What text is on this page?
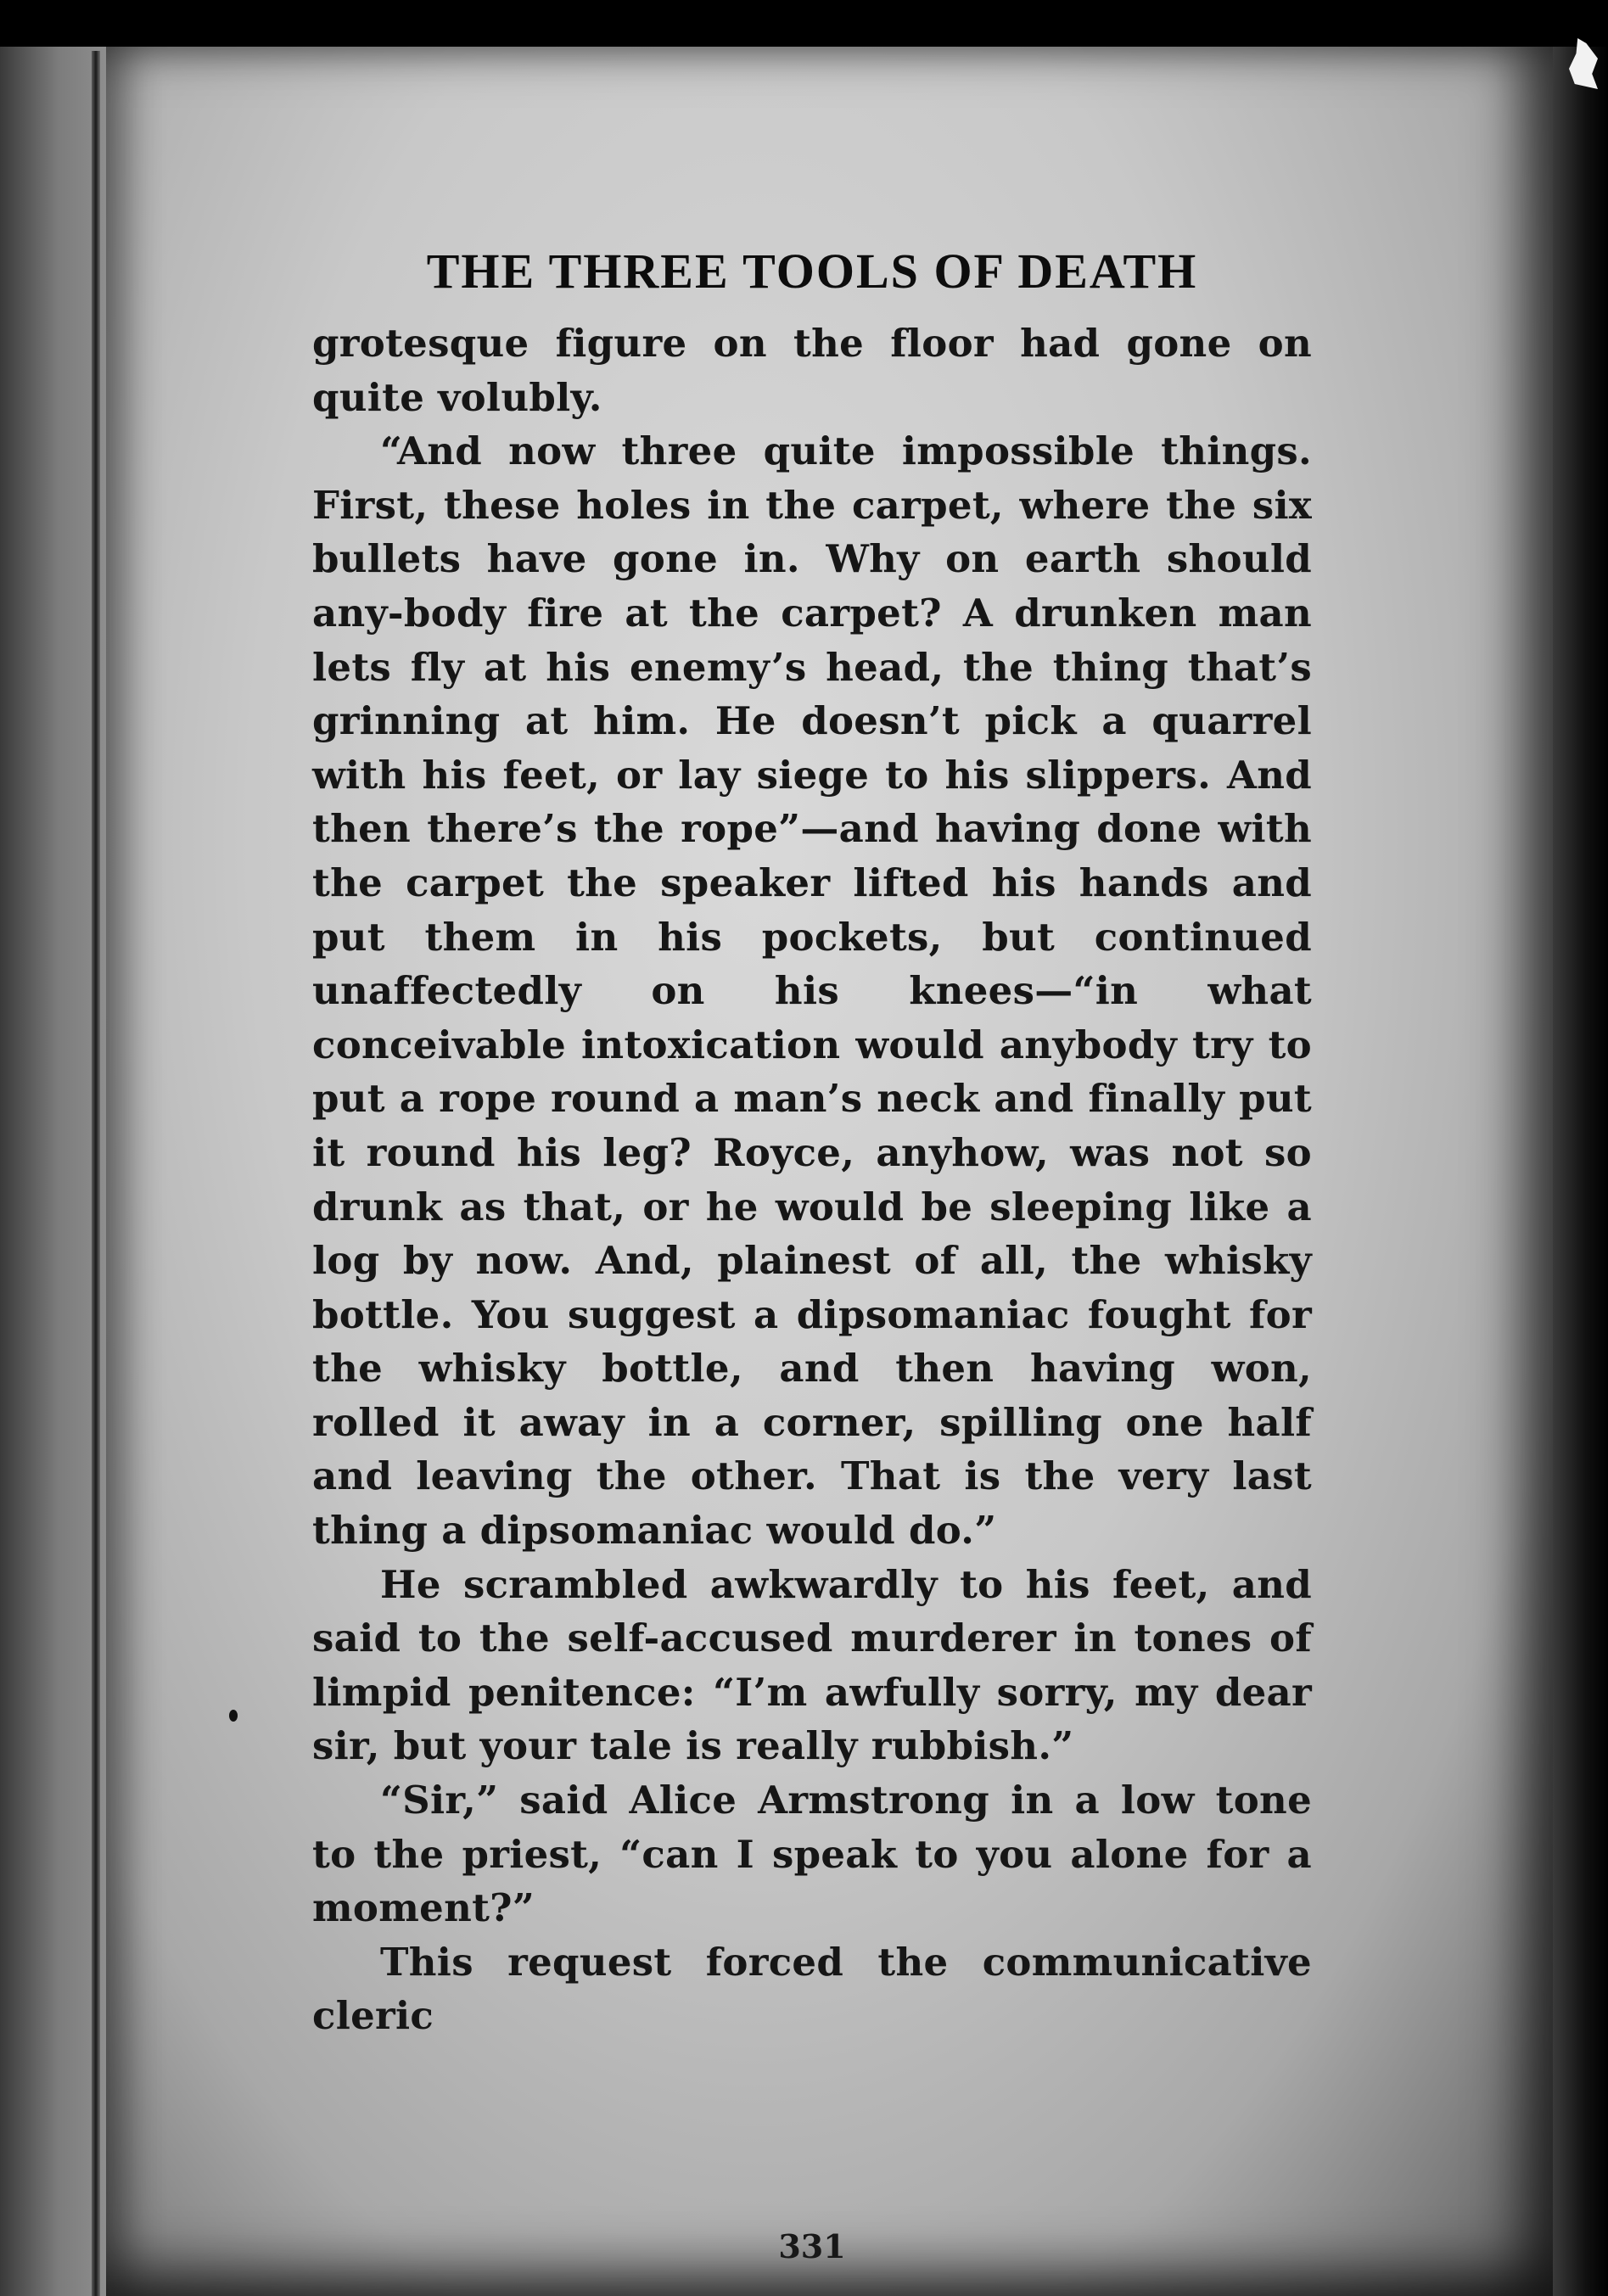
THE THREE TOOLS OF DEATH

grotesque figure on the floor had gone on quite volubly.

“And now three quite impossible things. First, these holes in the carpet, where the six bullets have gone in. Why on earth should any-body fire at the carpet? A drunken man lets fly at his enemy’s head, the thing that’s grinning at him. He doesn’t pick a quarrel with his feet, or lay siege to his slippers. And then there’s the rope”—and having done with the carpet the speaker lifted his hands and put them in his pockets, but continued unaffectedly on his knees—“in what conceivable intoxication would anybody try to put a rope round a man’s neck and finally put it round his leg? Royce, anyhow, was not so drunk as that, or he would be sleeping like a log by now. And, plainest of all, the whisky bottle. You suggest a dipsomaniac fought for the whisky bottle, and then having won, rolled it away in a corner, spilling one half and leaving the other. That is the very last thing a dipsomaniac would do.”

He scrambled awkwardly to his feet, and said to the self-accused murderer in tones of limpid penitence: “I’m awfully sorry, my dear sir, but your tale is really rubbish.”

“Sir,” said Alice Armstrong in a low tone to the priest, “can I speak to you alone for a moment?”

This request forced the communicative cleric

331
